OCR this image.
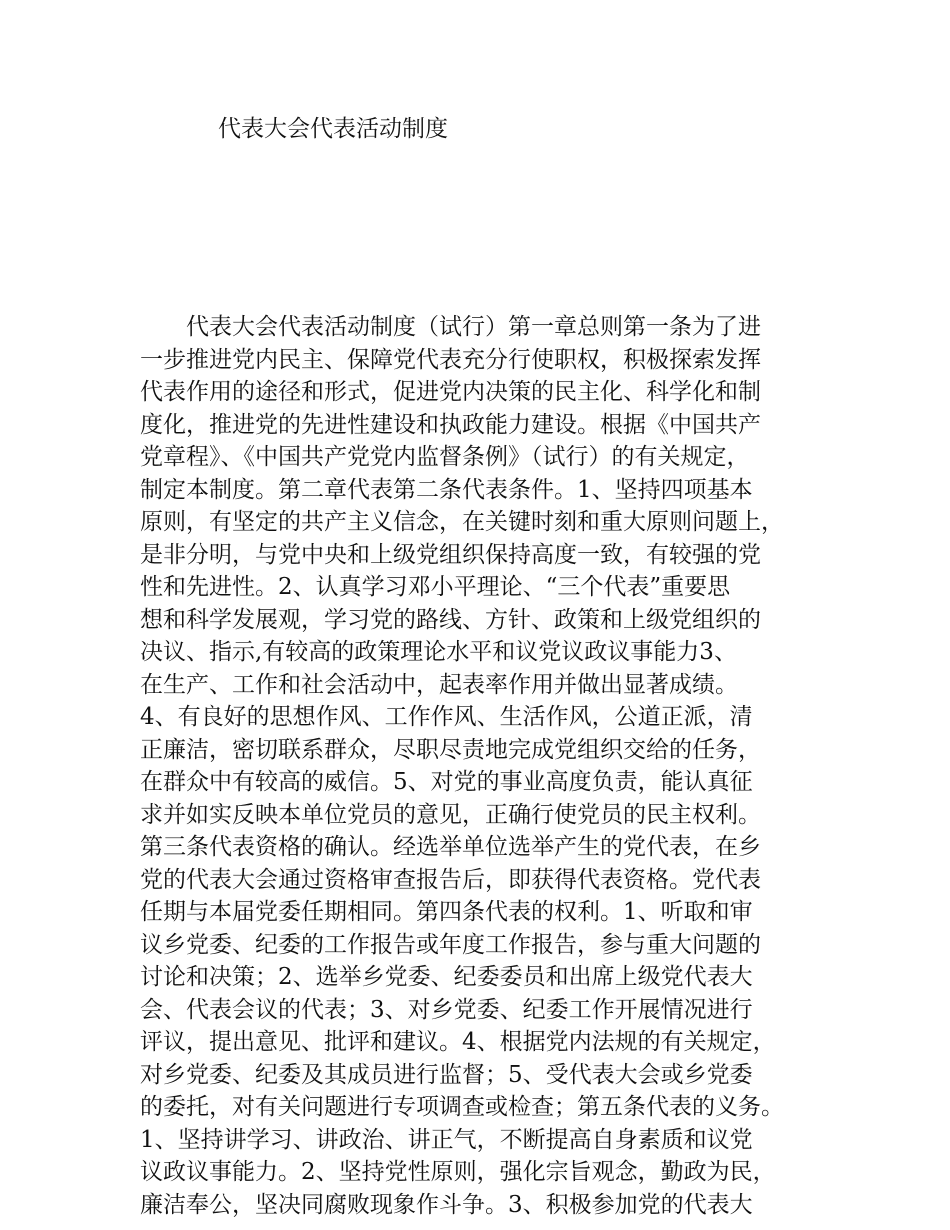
代表大会代表活动制度
代表大会代表活动制度（试行）第一章总则第一条为了进
一步推进党内民主、保障党代表充分行使职权，积极探索发挥
代表作用的途径和形式，促进党内决策的民主化、科学化和制
度化，推进党的先进性建设和执政能力建设。根据《中国共产
党章程》、《中国共产党党内监督条例》（试行）的有关规定，
制定本制度。第二章代表第二条代表条件。1、坚持四项基本
原则，有坚定的共产主义信念，在关键时刻和重大原则问题上，
是非分明，与党中央和上级党组织保持高度一致，有较强的党
性和先进性。2、认真学习邓小平理论、“三个代表”重要思
想和科学发展观，学习党的路线、方针、政策和上级党组织的
决议、指示,有较高的政策理论水平和议党议政议事能力3、
在生产、工作和社会活动中，起表率作用并做出显著成绩。
4、有良好的思想作风、工作作风、生活作风，公道正派，清
正廉洁，密切联系群众，尽职尽责地完成党组织交给的任务，
在群众中有较高的威信。5、对党的事业高度负责，能认真征
求并如实反映本单位党员的意见，正确行使党员的民主权利。
第三条代表资格的确认。经选举单位选举产生的党代表，在乡
党的代表大会通过资格审查报告后，即获得代表资格。党代表
任期与本届党委任期相同。第四条代表的权利。1、听取和审
议乡党委、纪委的工作报告或年度工作报告，参与重大问题的
讨论和决策；2、选举乡党委、纪委委员和出席上级党代表大
会、代表会议的代表；3、对乡党委、纪委工作开展情况进行
评议，提出意见、批评和建议。4、根据党内法规的有关规定，
对乡党委、纪委及其成员进行监督；5、受代表大会或乡党委
的委托，对有关问题进行专项调查或检查；第五条代表的义务。
1、坚持讲学习、讲政治、讲正气，不断提高自身素质和议党
议政议事能力。2、坚持党性原则，强化宗旨观念，勤政为民，
廉洁奉公，坚决同腐败现象作斗争。3、积极参加党的代表大
